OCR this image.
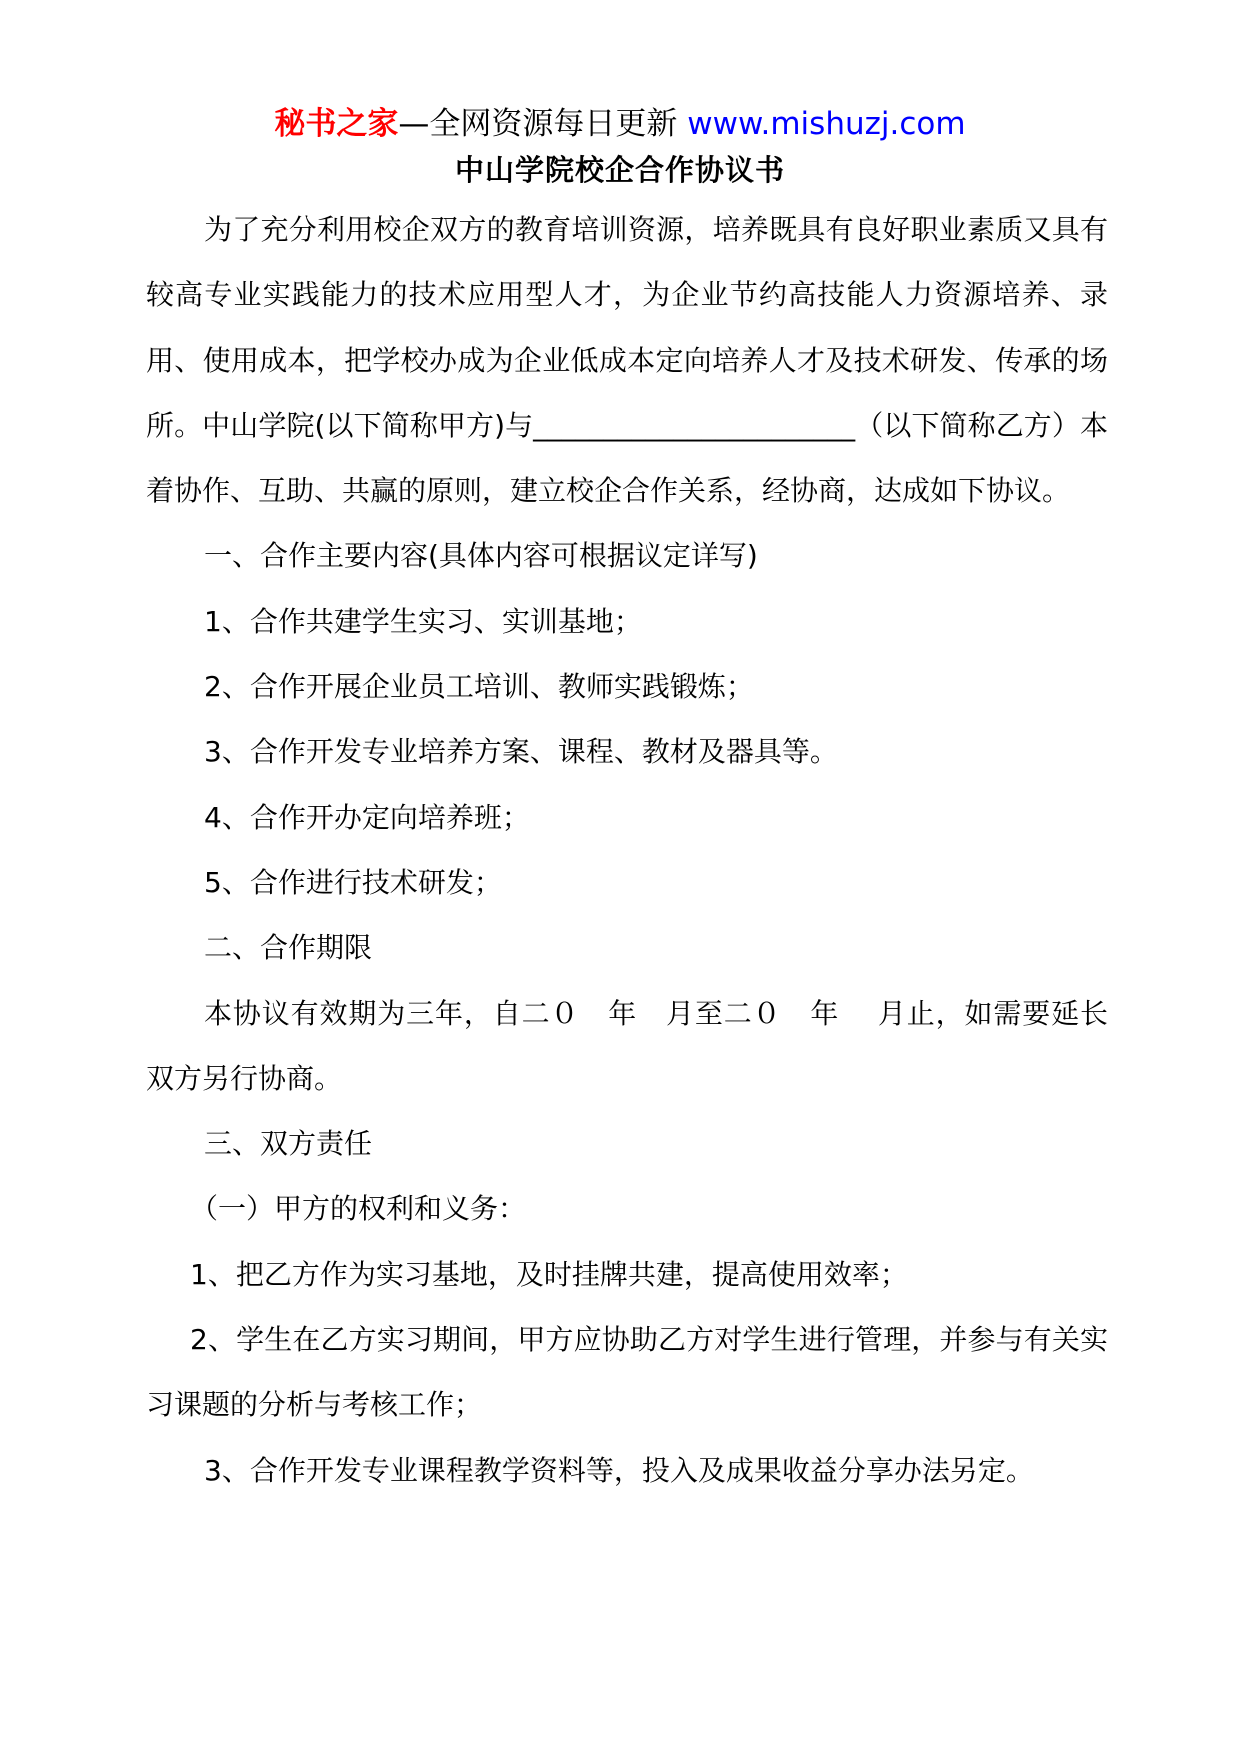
秘书之家—全网资源每日更新 www.mishuzj.com
中山学院校企合作协议书

为了充分利用校企双方的教育培训资源，培养既具有良好职业素质又具有较高专业实践能力的技术应用型人才，为企业节约高技能人力资源培养、录用、使用成本，把学校办成为企业低成本定向培养人才及技术研发、传承的场所。中山学院(以下简称甲方)与_______________________（以下简称乙方）本着协作、互助、共赢的原则，建立校企合作关系，经协商，达成如下协议。

一、合作主要内容(具体内容可根据议定详写)

1、合作共建学生实习、实训基地；

2、合作开展企业员工培训、教师实践锻炼；

3、合作开发专业培养方案、课程、教材及器具等。

4、合作开办定向培养班；

5、合作进行技术研发；

二、合作期限

本协议有效期为三年，自二０　年　月至二０　年　 月止，如需要延长双方另行协商。

三、双方责任

（一）甲方的权利和义务：

1、把乙方作为实习基地，及时挂牌共建，提高使用效率；

2、学生在乙方实习期间，甲方应协助乙方对学生进行管理，并参与有关实习课题的分析与考核工作；

3、合作开发专业课程教学资料等，投入及成果收益分享办法另定。
